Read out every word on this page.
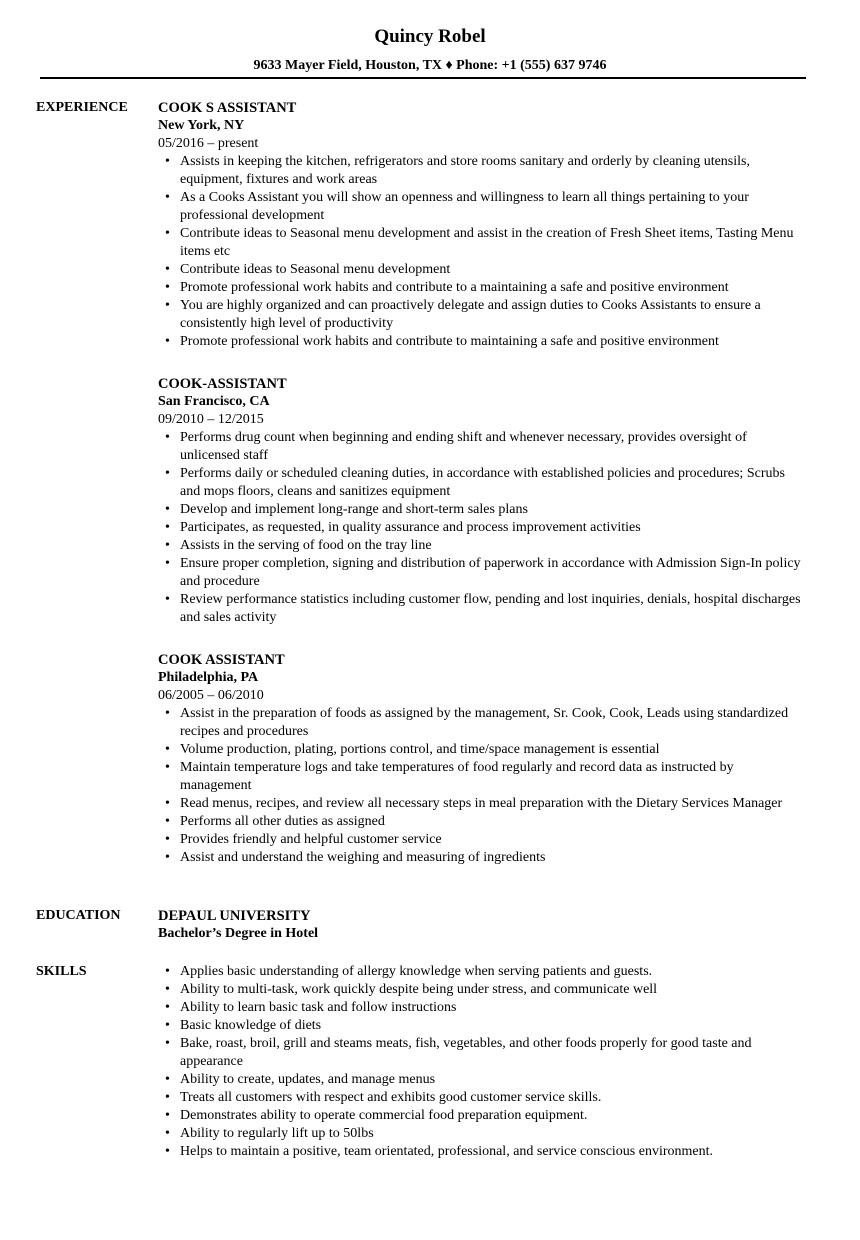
Quincy Robel
9633 Mayer Field, Houston, TX ♦ Phone: +1 (555) 637 9746
EXPERIENCE COOK S ASSISTANT
New York, NY
05/2016 – present
• Assists in keeping the kitchen, refrigerators and store rooms sanitary and orderly by cleaning utensils, equipment, fixtures and work areas
• As a Cooks Assistant you will show an openness and willingness to learn all things pertaining to your professional development
• Contribute ideas to Seasonal menu development and assist in the creation of Fresh Sheet items, Tasting Menu items etc
• Contribute ideas to Seasonal menu development
• Promote professional work habits and contribute to a maintaining a safe and positive environment
• You are highly organized and can proactively delegate and assign duties to Cooks Assistants to ensure a consistently high level of productivity
• Promote professional work habits and contribute to maintaining a safe and positive environment
COOK-ASSISTANT
San Francisco, CA
09/2010 – 12/2015
• Performs drug count when beginning and ending shift and whenever necessary, provides oversight of unlicensed staff
• Performs daily or scheduled cleaning duties, in accordance with established policies and procedures; Scrubs and mops floors, cleans and sanitizes equipment
• Develop and implement long-range and short-term sales plans
• Participates, as requested, in quality assurance and process improvement activities
• Assists in the serving of food on the tray line
• Ensure proper completion, signing and distribution of paperwork in accordance with Admission Sign-In policy and procedure
• Review performance statistics including customer flow, pending and lost inquiries, denials, hospital discharges and sales activity
COOK ASSISTANT
Philadelphia, PA
06/2005 – 06/2010
• Assist in the preparation of foods as assigned by the management, Sr. Cook, Cook, Leads using standardized recipes and procedures
• Volume production, plating, portions control, and time/space management is essential
• Maintain temperature logs and take temperatures of food regularly and record data as instructed by management
• Read menus, recipes, and review all necessary steps in meal preparation with the Dietary Services Manager
• Performs all other duties as assigned
• Provides friendly and helpful customer service
• Assist and understand the weighing and measuring of ingredients
EDUCATION	DEPAUL UNIVERSITY
Bachelor’s Degree in Hotel
SKILLS
•	Applies basic understanding of allergy knowledge when serving patients and guests.
• Ability to multi-task, work quickly despite being under stress, and communicate well
• Ability to learn basic task and follow instructions
• Basic knowledge of diets
• Bake, roast, broil, grill and steams meats, fish, vegetables, and other foods properly for good taste and appearance
• Ability to create, updates, and manage menus
• Treats all customers with respect and exhibits good customer service skills.
• Demonstrates ability to operate commercial food preparation equipment.
• Ability to regularly lift up to 50lbs
• Helps to maintain a positive, team orientated, professional, and service conscious environment.
